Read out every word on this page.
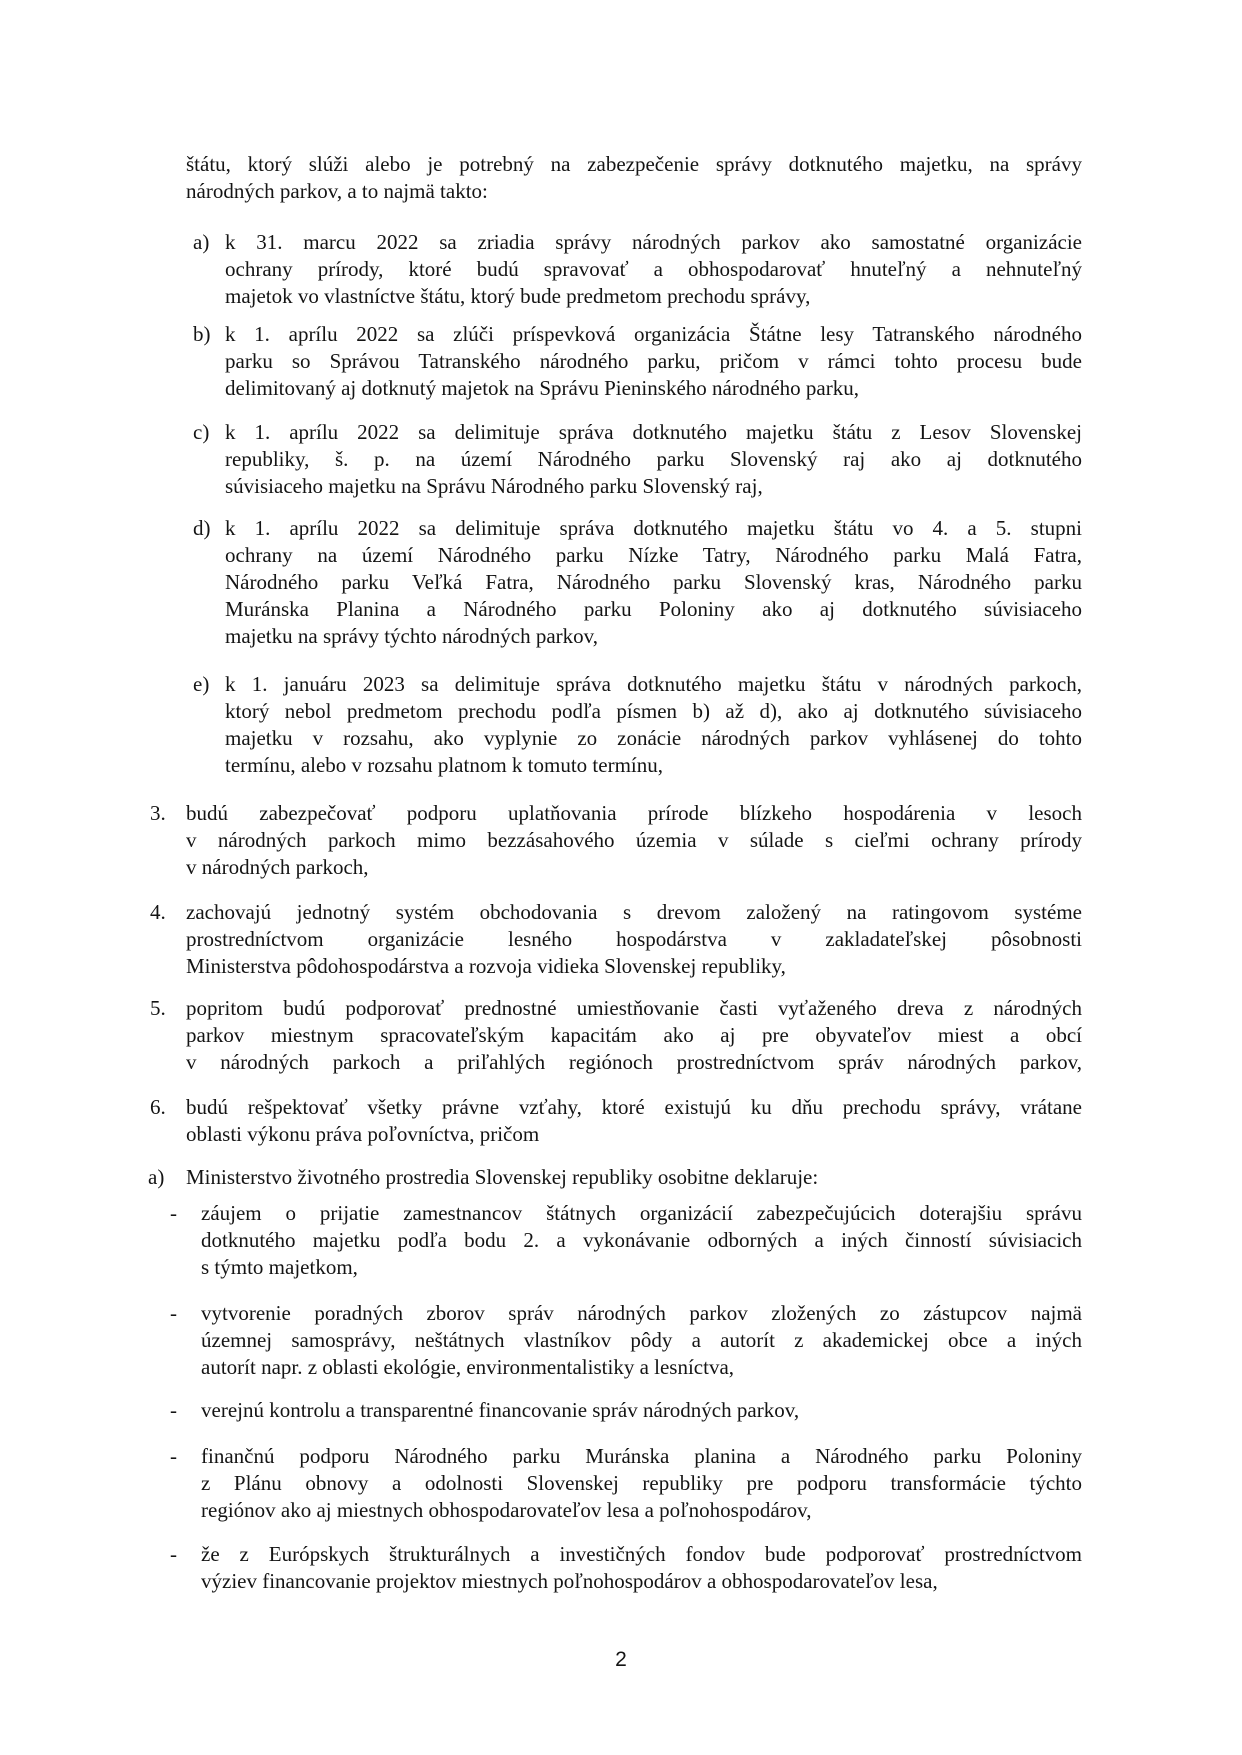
štátu, ktorý slúži alebo je potrebný na zabezpečenie správy dotknutého majetku, na správy
národných parkov, a to najmä takto:
a) k 31. marcu 2022 sa zriadia správy národných parkov ako samostatné organizácie
ochrany prírody, ktoré budú spravovať a obhospodarovať hnuteľný a nehnuteľný
majetok vo vlastníctve štátu, ktorý bude predmetom prechodu správy,
b) k 1. aprílu 2022 sa zlúči príspevková organizácia Štátne lesy Tatranského národného
parku so Správou Tatranského národného parku, pričom v rámci tohto procesu bude
delimitovaný aj dotknutý majetok na Správu Pieninského národného parku,
c) k 1. aprílu 2022 sa delimituje správa dotknutého majetku štátu z Lesov Slovenskej
republiky, š. p. na území Národného parku Slovenský raj ako aj dotknutého
súvisiaceho majetku na Správu Národného parku Slovenský raj,
d) k 1. aprílu 2022 sa delimituje správa dotknutého majetku štátu vo 4. a 5. stupni
ochrany na území Národného parku Nízke Tatry, Národného parku Malá Fatra,
Národného parku Veľká Fatra, Národného parku Slovenský kras, Národného parku
Muránska Planina a Národného parku Poloniny ako aj dotknutého súvisiaceho
majetku na správy týchto národných parkov,
e) k 1. januáru 2023 sa delimituje správa dotknutého majetku štátu v národných parkoch,
ktorý nebol predmetom prechodu podľa písmen b) až d), ako aj dotknutého súvisiaceho
majetku v rozsahu, ako vyplynie zo zonácie národných parkov vyhlásenej do tohto
termínu, alebo v rozsahu platnom k tomuto termínu,
3. budú zabezpečovať podporu uplatňovania prírode blízkeho hospodárenia v lesoch
v národných parkoch mimo bezzásahového územia v súlade s cieľmi ochrany prírody
v národných parkoch,
4. zachovajú jednotný systém obchodovania s drevom založený na ratingovom systéme
prostredníctvom organizácie lesného hospodárstva v zakladateľskej pôsobnosti
Ministerstva pôdohospodárstva a rozvoja vidieka Slovenskej republiky,
5. popritom budú podporovať prednostné umiestňovanie časti vyťaženého dreva z národných
parkov miestnym spracovateľským kapacitám ako aj pre obyvateľov miest a obcí
v národných parkoch a priľahlých regiónoch prostredníctvom správ národných parkov,
6. budú rešpektovať všetky právne vzťahy, ktoré existujú ku dňu prechodu správy, vrátane
oblasti výkonu práva poľovníctva, pričom
a) Ministerstvo životného prostredia Slovenskej republiky osobitne deklaruje:
- záujem o prijatie zamestnancov štátnych organizácií zabezpečujúcich doterajšiu správu
dotknutého majetku podľa bodu 2. a vykonávanie odborných a iných činností súvisiacich
s týmto majetkom,
- vytvorenie poradných zborov správ národných parkov zložených zo zástupcov najmä
územnej samosprávy, neštátnych vlastníkov pôdy a autorít z akademickej obce a iných
autorít napr. z oblasti ekológie, environmentalistiky a lesníctva,
- verejnú kontrolu a transparentné financovanie správ národných parkov,
- finančnú podporu Národného parku Muránska planina a Národného parku Poloniny
z Plánu obnovy a odolnosti Slovenskej republiky pre podporu transformácie týchto
regiónov ako aj miestnych obhospodarovateľov lesa a poľnohospodárov,
- že z Európskych štrukturálnych a investičných fondov bude podporovať prostredníctvom
výziev financovanie projektov miestnych poľnohospodárov a obhospodarovateľov lesa,
2
